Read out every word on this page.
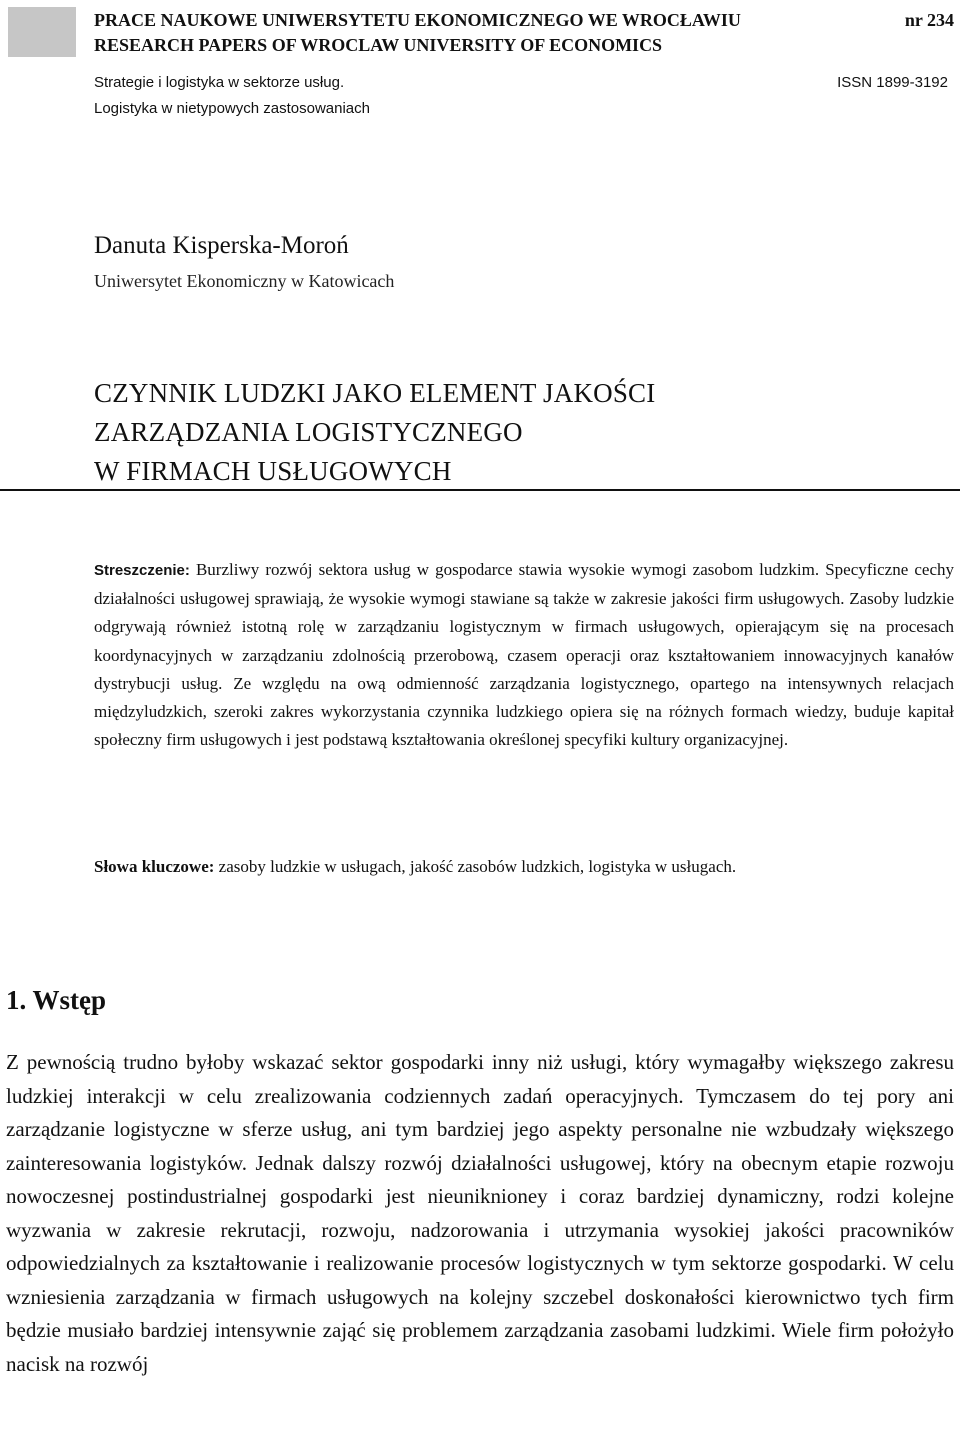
PRACE NAUKOWE UNIWERSYTETU EKONOMICZNEGO WE WROCŁAWIU	nr 234
RESEARCH PAPERS OF WROCLAW UNIVERSITY OF ECONOMICS
Strategie i logistyka w sektorze usług.
Logistyka w nietypowych zastosowaniach
ISSN 1899-3192
Danuta Kisperska-Moroń
Uniwersytet Ekonomiczny w Katowicach
CZYNNIK LUDZKI JAKO ELEMENT JAKOŚCI
ZARZĄDZANIA LOGISTYCZNEGO
W FIRMACH USŁUGOWYCH
Streszczenie: Burzliwy rozwój sektora usług w gospodarce stawia wysokie wymogi zasobom ludzkim. Specyficzne cechy działalności usługowej sprawiają, że wysokie wymogi stawiane są także w zakresie jakości firm usługowych. Zasoby ludzkie odgrywają również istotną rolę w zarządzaniu logistycznym w firmach usługowych, opierającym się na procesach koordynacyjnych w zarządzaniu zdolnością przerobową, czasem operacji oraz kształtowaniem innowacyjnych kanałów dystrybucji usług. Ze względu na ową odmienność zarządzania logistycznego, opartego na intensywnych relacjach międzyludzkich, szeroki zakres wykorzystania czynnika ludzkiego opiera się na różnych formach wiedzy, buduje kapitał społeczny firm usługowych i jest podstawą kształtowania określonej specyfiki kultury organizacyjnej.
Słowa kluczowe: zasoby ludzkie w usługach, jakość zasobów ludzkich, logistyka w usługach.
1. Wstęp
Z pewnością trudno byłoby wskazać sektor gospodarki inny niż usługi, który wymagałby większego zakresu ludzkiej interakcji w celu zrealizowania codziennych zadań operacyjnych. Tymczasem do tej pory ani zarządzanie logistyczne w sferze usług, ani tym bardziej jego aspekty personalne nie wzbudzały większego zainteresowania logistyków. Jednak dalszy rozwój działalności usługowej, który na obecnym etapie rozwoju nowoczesnej postindustrialnej gospodarki jest nieuniknioney i coraz bardziej dynamiczny, rodzi kolejne wyzwania w zakresie rekrutacji, rozwoju, nadzorowania i utrzymania wysokiej jakości pracowników odpowiedzialnych za kształtowanie i realizowanie procesów logistycznych w tym sektorze gospodarki. W celu wzniesienia zarządzania w firmach usługowych na kolejny szczebel doskonałości kierownictwo tych firm będzie musiało bardziej intensywnie zająć się problemem zarządzania zasobami ludzkimi. Wiele firm położyło nacisk na rozwój
